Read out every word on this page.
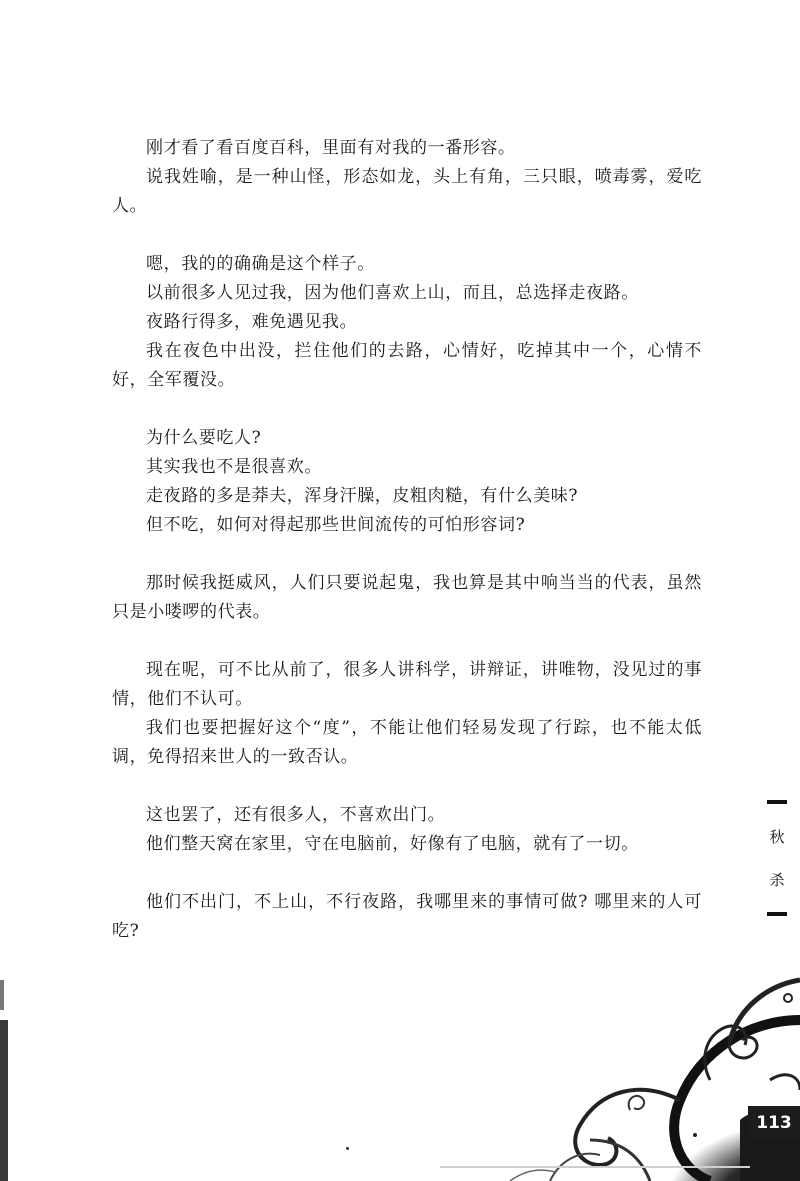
刚才看了看百度百科，里面有对我的一番形容。

说我姓喻，是一种山怪，形态如龙，头上有角，三只眼，喷毒雾，爱吃人。

嗯，我的的确确是这个样子。

以前很多人见过我，因为他们喜欢上山，而且，总选择走夜路。

夜路行得多，难免遇见我。

我在夜色中出没，拦住他们的去路，心情好，吃掉其中一个，心情不好，全军覆没。

为什么要吃人?

其实我也不是很喜欢。

走夜路的多是莽夫，浑身汗臊，皮粗肉糙，有什么美味?

但不吃，如何对得起那些世间流传的可怕形容词?

那时候我挺威风，人们只要说起鬼，我也算是其中响当当的代表，虽然只是小喽啰的代表。

现在呢，可不比从前了，很多人讲科学，讲辩证，讲唯物，没见过的事情，他们不认可。

我们也要把握好这个“度”，不能让他们轻易发现了行踪，也不能太低调，免得招来世人的一致否认。

这也罢了，还有很多人，不喜欢出门。

他们整天窝在家里，守在电脑前，好像有了电脑，就有了一切。

他们不出门，不上山，不行夜路，我哪里来的事情可做? 哪里来的人可吃?

秋
杀
113
